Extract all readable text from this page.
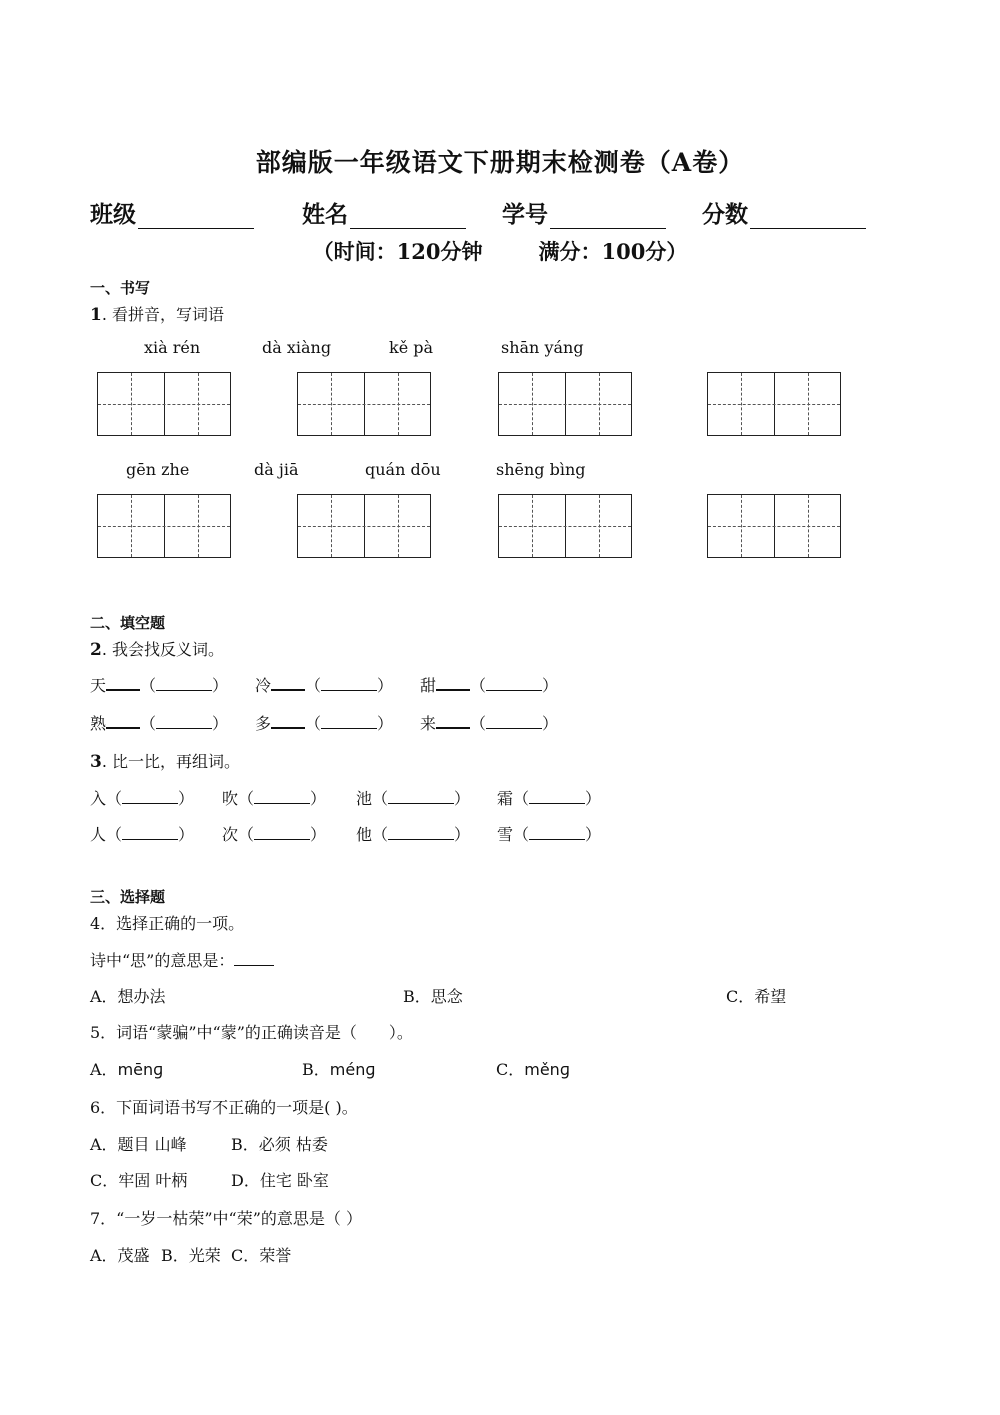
部编版一年级语文下册期末检测卷（A卷）
班级	姓名	学号	分数
（时间：120分钟	满分：100分）
一、书写
1. 看拼音，写词语
xià rén	dà xiàng	kě pà	shān yáng
gēn zhe	dà jiā	quán dōu	shēng bìng
二、填空题
2. 我会找反义词。
天 （	） 冷 （	） 甜 （	）
熟 （	） 多 （	） 来 （	）
3. 比一比，再组词。
入（	） 吹（	） 池（	） 霜（	）
人（	） 次（	） 他（	） 雪（	）
三、选择题
4．选择正确的一项。
诗中“思”的意思是：
A．想办法	B．思念	C．希望
5．词语“蒙骗”中“蒙”的正确读音是（　　）。
A．mēnɡ	B．ménɡ	C．měnɡ
6．下面词语书写不正确的一项是( )。
A．题目 山峰	B．必须 枯委
C．牢固 叶柄	D．住宅 卧室
7．“一岁一枯荣”中“荣”的意思是（ ）
A．茂盛 B．光荣 C．荣誉
